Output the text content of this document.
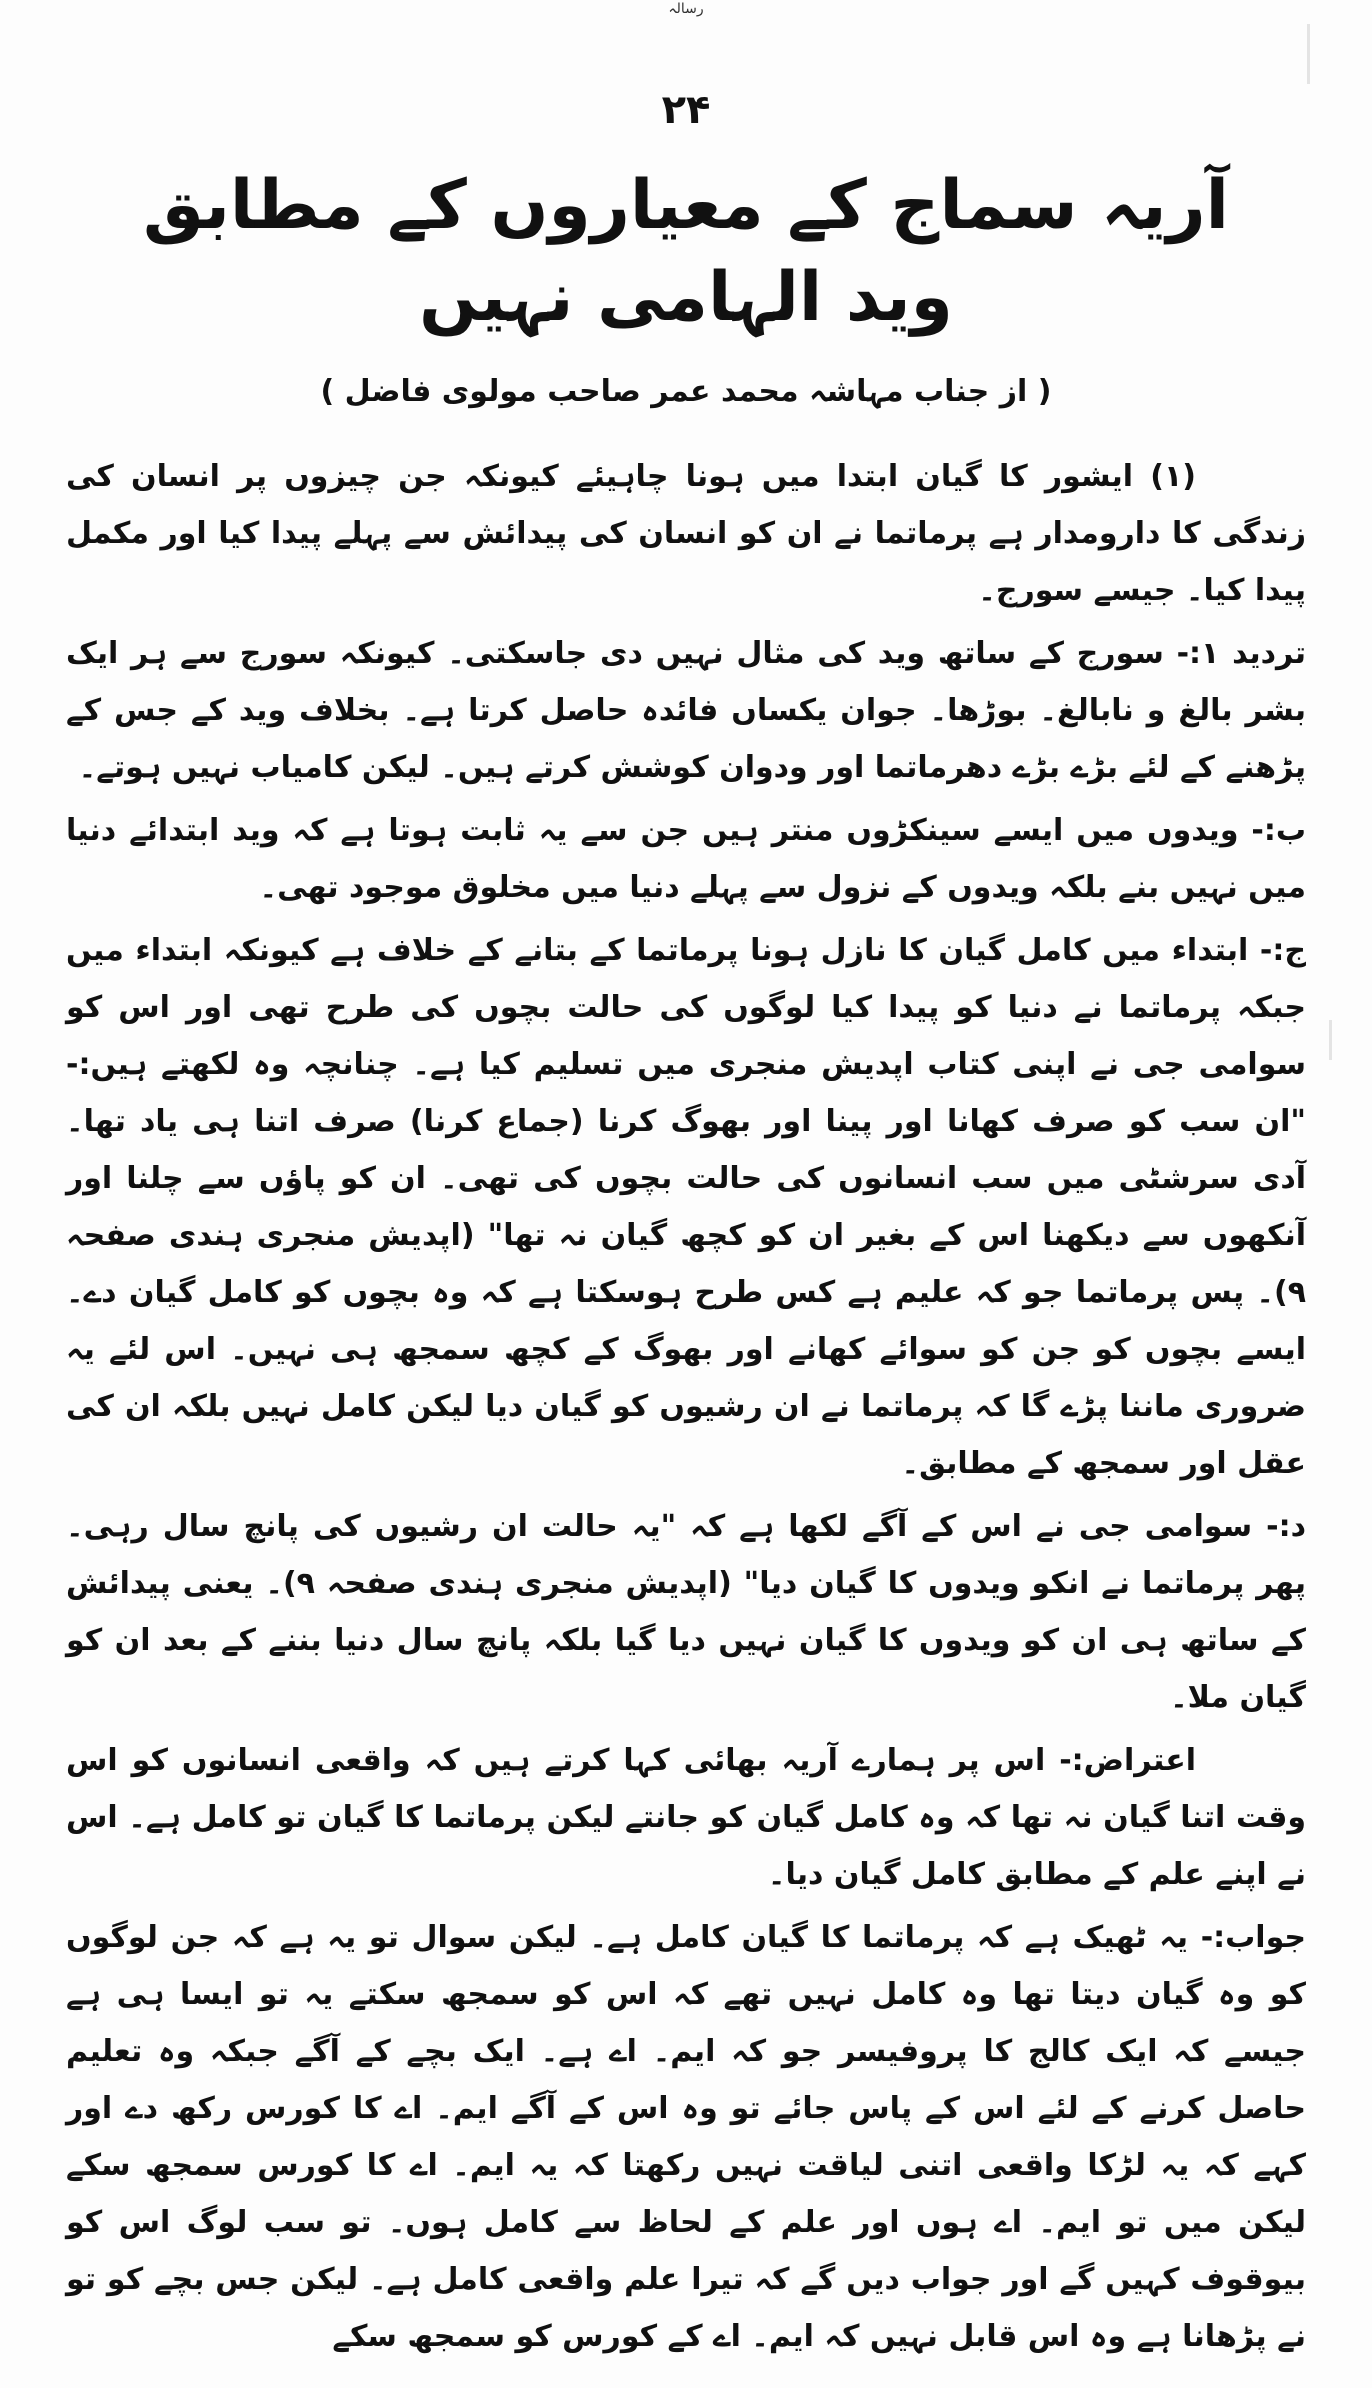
رسالہ
۲۴
آریہ سماج کے معیاروں کے مطابق وید الہامی نہیں
( از جناب مہاشہ محمد عمر صاحب مولوی فاضل )

(۱) ایشور کا گیان ابتدا میں ہونا چاہیئے کیونکہ جن چیزوں پر انسان کی زندگی کا دارومدار ہے پرماتما نے ان کو انسان کی پیدائش سے پہلے پیدا کیا اور مکمل پیدا کیا۔ جیسے سورج۔

تردید ۱:- سورج کے ساتھ وید کی مثال نہیں دی جاسکتی۔ کیونکہ سورج سے ہر ایک بشر بالغ و نابالغ۔ بوڑھا۔ جوان یکساں فائدہ حاصل کرتا ہے۔ بخلاف وید کے جس کے پڑھنے کے لئے بڑے بڑے دھرماتما اور ودوان کوشش کرتے ہیں۔ لیکن کامیاب نہیں ہوتے۔

ب:- ویدوں میں ایسے سینکڑوں منتر ہیں جن سے یہ ثابت ہوتا ہے کہ وید ابتدائے دنیا میں نہیں بنے بلکہ ویدوں کے نزول سے پہلے دنیا میں مخلوق موجود تھی۔

ج:- ابتداء میں کامل گیان کا نازل ہونا پرماتما کے بتانے کے خلاف ہے کیونکہ ابتداء میں جبکہ پرماتما نے دنیا کو پیدا کیا لوگوں کی حالت بچوں کی طرح تھی اور اس کو سوامی جی نے اپنی کتاب اپدیش منجری میں تسلیم کیا ہے۔ چنانچہ وہ لکھتے ہیں:- "ان سب کو صرف کھانا اور پینا اور بھوگ کرنا (جماع کرنا) صرف اتنا ہی یاد تھا۔ آدی سرشٹی میں سب انسانوں کی حالت بچوں کی تھی۔ ان کو پاؤں سے چلنا اور آنکھوں سے دیکھنا اس کے بغیر ان کو کچھ گیان نہ تھا" (اپدیش منجری ہندی صفحہ ۹)۔ پس پرماتما جو کہ علیم ہے کس طرح ہوسکتا ہے کہ وہ بچوں کو کامل گیان دے۔ ایسے بچوں کو جن کو سوائے کھانے اور بھوگ کے کچھ سمجھ ہی نہیں۔ اس لئے یہ ضروری ماننا پڑے گا کہ پرماتما نے ان رشیوں کو گیان دیا لیکن کامل نہیں بلکہ ان کی عقل اور سمجھ کے مطابق۔

د:- سوامی جی نے اس کے آگے لکھا ہے کہ "یہ حالت ان رشیوں کی پانچ سال رہی۔ پھر پرماتما نے انکو ویدوں کا گیان دیا" (اپدیش منجری ہندی صفحہ ۹)۔ یعنی پیدائش کے ساتھ ہی ان کو ویدوں کا گیان نہیں دیا گیا بلکہ پانچ سال دنیا بننے کے بعد ان کو گیان ملا۔

اعتراض:- اس پر ہمارے آریہ بھائی کہا کرتے ہیں کہ واقعی انسانوں کو اس وقت اتنا گیان نہ تھا کہ وہ کامل گیان کو جانتے لیکن پرماتما کا گیان تو کامل ہے۔ اس نے اپنے علم کے مطابق کامل گیان دیا۔

جواب:- یہ ٹھیک ہے کہ پرماتما کا گیان کامل ہے۔ لیکن سوال تو یہ ہے کہ جن لوگوں کو وہ گیان دیتا تھا وہ کامل نہیں تھے کہ اس کو سمجھ سکتے یہ تو ایسا ہی ہے جیسے کہ ایک کالج کا پروفیسر جو کہ ایم۔ اے ہے۔ ایک بچے کے آگے جبکہ وہ تعلیم حاصل کرنے کے لئے اس کے پاس جائے تو وہ اس کے آگے ایم۔ اے کا کورس رکھ دے اور کہے کہ یہ لڑکا واقعی اتنی لیاقت نہیں رکھتا کہ یہ ایم۔ اے کا کورس سمجھ سکے لیکن میں تو ایم۔ اے ہوں اور علم کے لحاظ سے کامل ہوں۔ تو سب لوگ اس کو بیوقوف کہیں گے اور جواب دیں گے کہ تیرا علم واقعی کامل ہے۔ لیکن جس بچے کو تو نے پڑھانا ہے وہ اس قابل نہیں کہ ایم۔ اے کے کورس کو سمجھ سکے
